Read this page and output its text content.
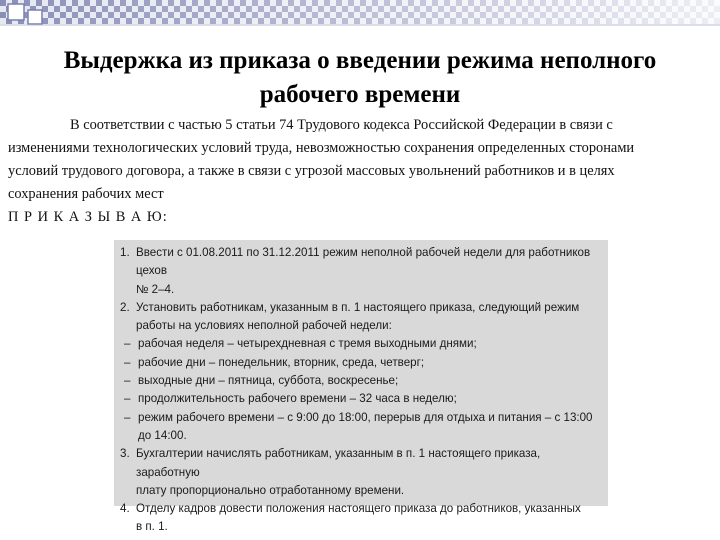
Выдержка из приказа о введении режима неполного
рабочего времени

В соответствии с частью 5 статьи 74 Трудового кодекса Российской Федерации в связи с

изменениями технологических условий труда, невозможностью сохранения определенных сторонами

условий трудового договора, а также в связи с угрозой массовых увольнений работников и в целях

сохранения рабочих мест

П Р И К А З Ы В А Ю:

1. Ввести с 01.08.2011 по 31.12.2011 режим неполной рабочей недели для работников цехов
№ 2–4.
2. Установить работникам, указанным в п. 1 настоящего приказа, следующий режим
работы на условиях неполной рабочей недели:
– рабочая неделя – четырехдневная с тремя выходными днями;
– рабочие дни – понедельник, вторник, среда, четверг;
– выходные дни – пятница, суббота, воскресенье;
– продолжительность рабочего времени – 32 часа в неделю;
– режим рабочего времени – с 9:00 до 18:00, перерыв для отдыха и питания – с 13:00
до 14:00.
3. Бухгалтерии начислять работникам, указанным в п. 1 настоящего приказа, заработную
плату пропорционально отработанному времени.
4. Отделу кадров довести положения настоящего приказа до работников, указанных
в п. 1.
